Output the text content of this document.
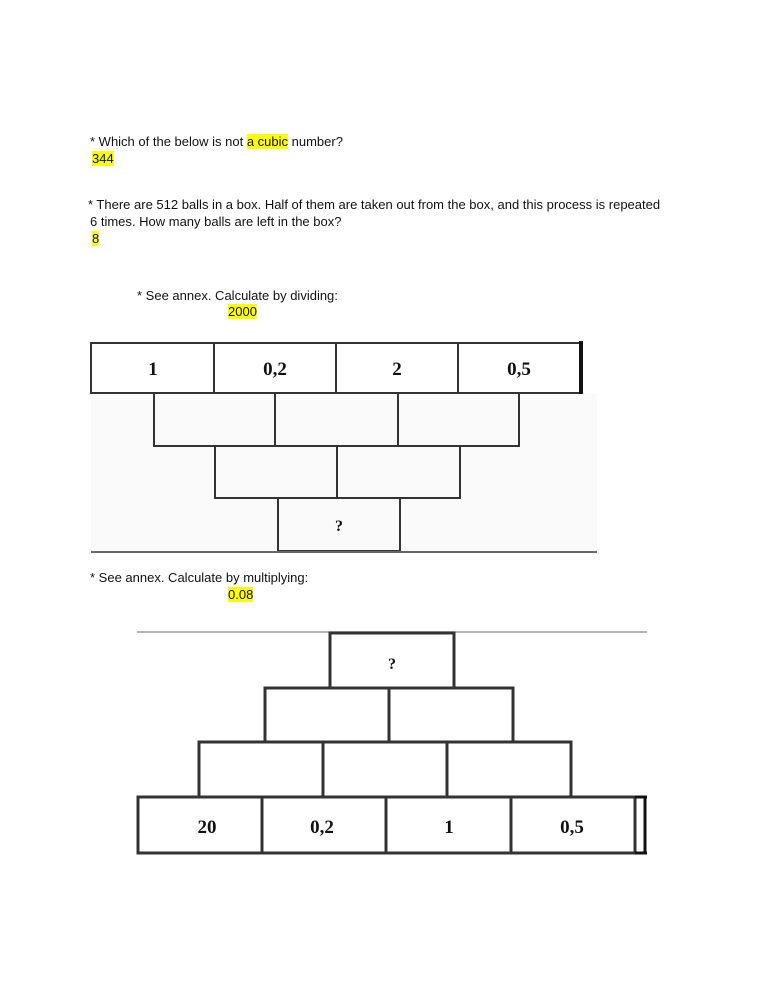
* Which of the below is not a cubic number?
344
* There are 512 balls in a box. Half of them are taken out from the box, and this process is repeated
6 times. How many balls are left in the box?
8
* See annex. Calculate by dividing:
2000
* See annex. Calculate by multiplying:
0.08
1	0,2	2	0,5
?
?
20	0,2	1	0,5
